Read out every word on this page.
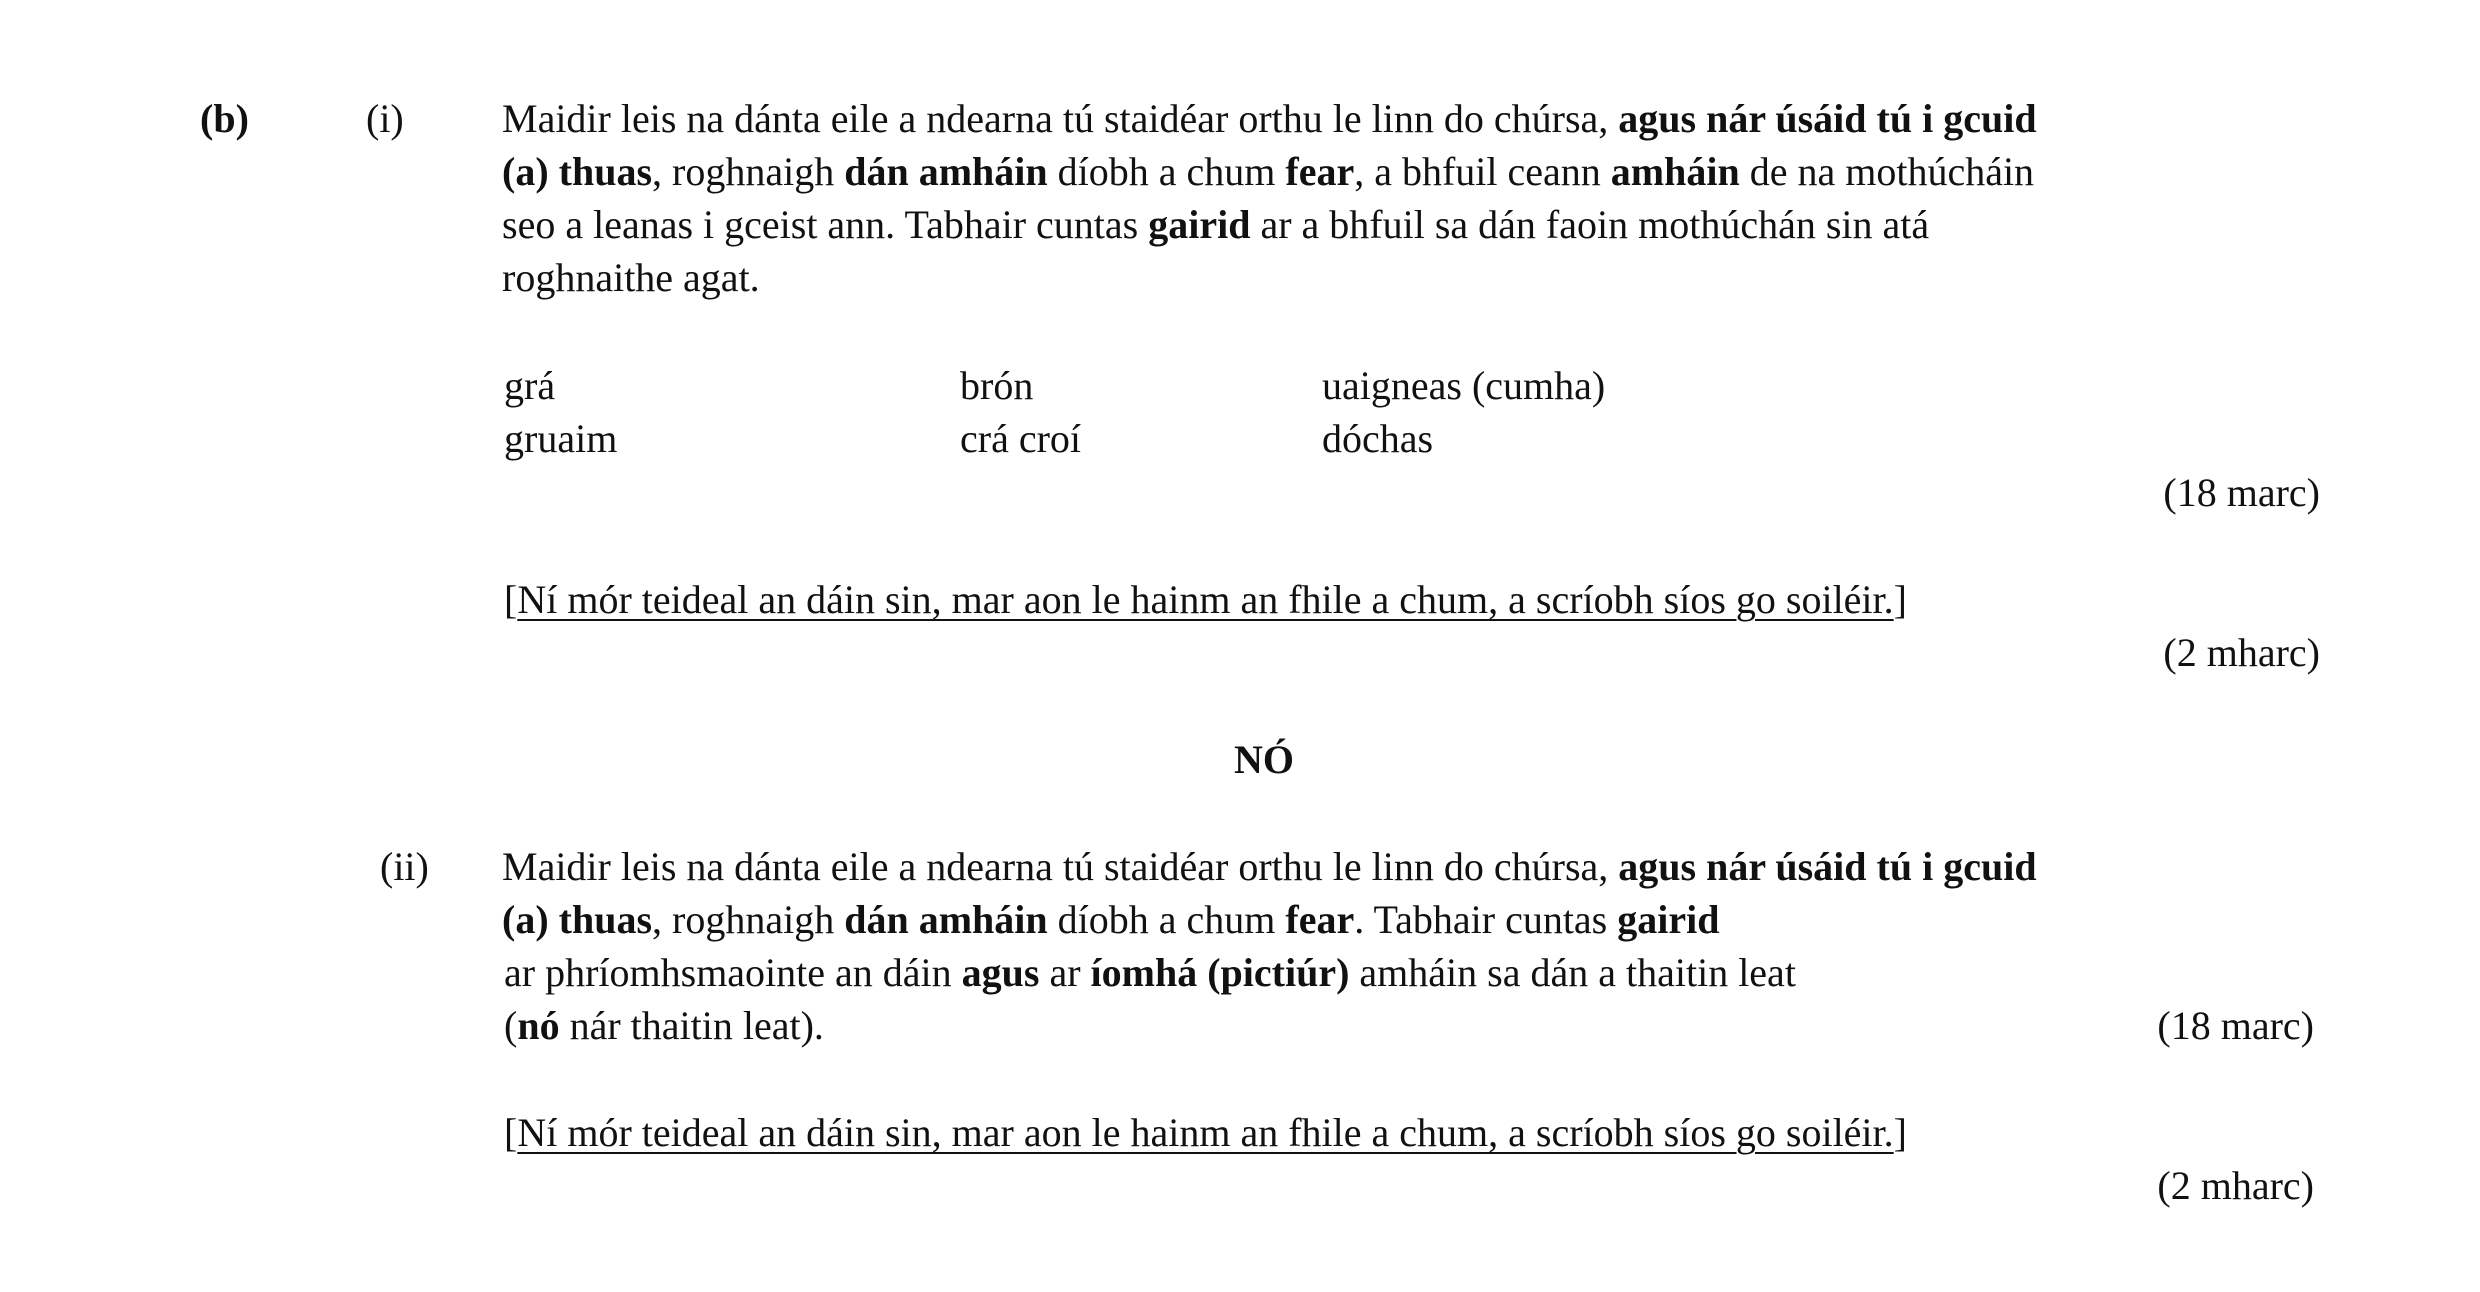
(b)	(i) Maidir leis na dánta eile a ndearna tú staidéar orthu le linn do chúrsa, agus nár úsáid tú i gcuid
(a) thuas, roghnaigh dán amháin díobh a chum fear, a bhfuil ceann amháin de na mothúcháin
seo a leanas i gceist ann. Tabhair cuntas gairid ar a bhfuil sa dán faoin mothúchán sin atá
roghnaithe agat.
grá	brón	uaigneas (cumha)
gruaim	crá croí	dóchas
(18 marc)
[Ní mór teideal an dáin sin, mar aon le hainm an fhile a chum, a scríobh síos go soiléir.]
(2 mharc)
NÓ
(ii) Maidir leis na dánta eile a ndearna tú staidéar orthu le linn do chúrsa, agus nár úsáid tú i gcuid
(a) thuas, roghnaigh dán amháin díobh a chum fear. Tabhair cuntas gairid
ar phríomhsmaointe an dáin agus ar íomhá (pictiúr) amháin sa dán a thaitin leat
(nó nár thaitin leat).	(18 marc)
[Ní mór teideal an dáin sin, mar aon le hainm an fhile a chum, a scríobh síos go soiléir.]
(2 mharc)
